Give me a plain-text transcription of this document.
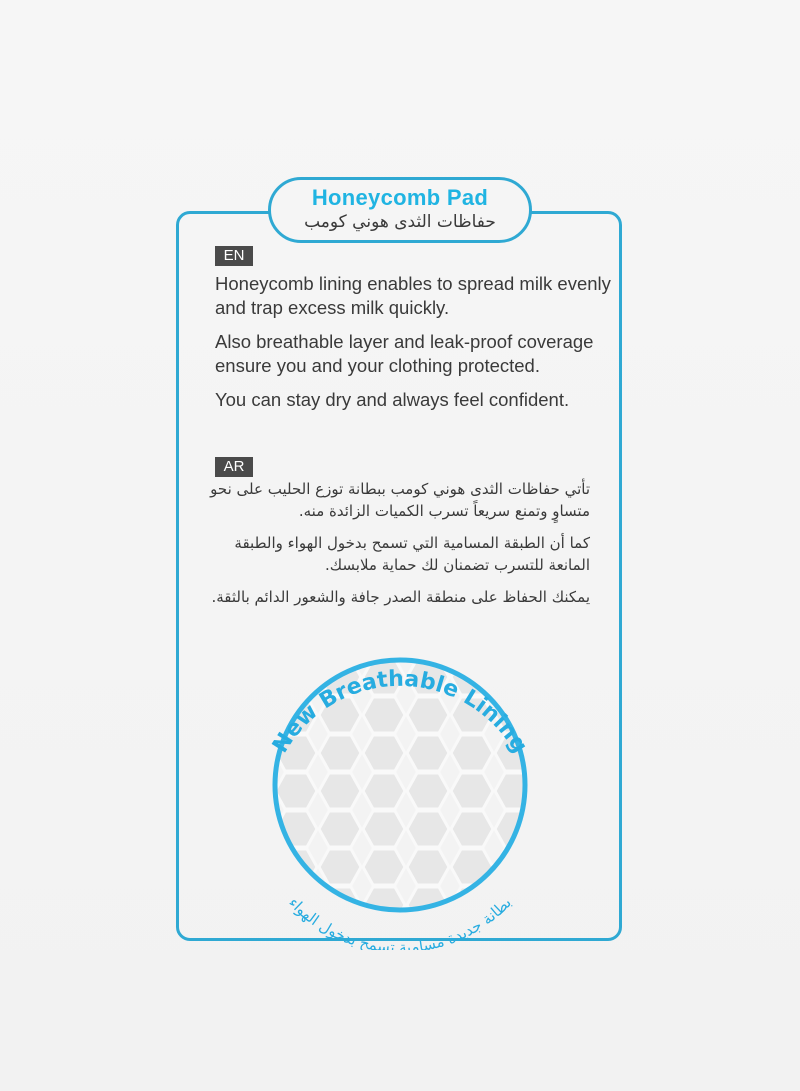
Honeycomb Pad
حفاظات الثدى هوني كومب
EN

Honeycomb lining enables to spread milk evenly and trap excess milk quickly.

Also breathable layer and leak-proof coverage ensure you and your clothing protected.

You can stay dry and always feel confident.

AR

تأتي حفاظات الثدى هوني كومب ببطانة توزع الحليب على نحو متساوٍ وتمنع سريعاً تسرب الكميات الزائدة منه.

كما أن الطبقة المسامية التي تسمح بدخول الهواء والطبقة المانعة للتسرب تضمنان لك حماية ملابسك.

يمكنك الحفاظ على منطقة الصدر جافة والشعور الدائم بالثقة.

New Breathable Lining
بطانة جديدة مسامية تسمح بدخول الهواء
